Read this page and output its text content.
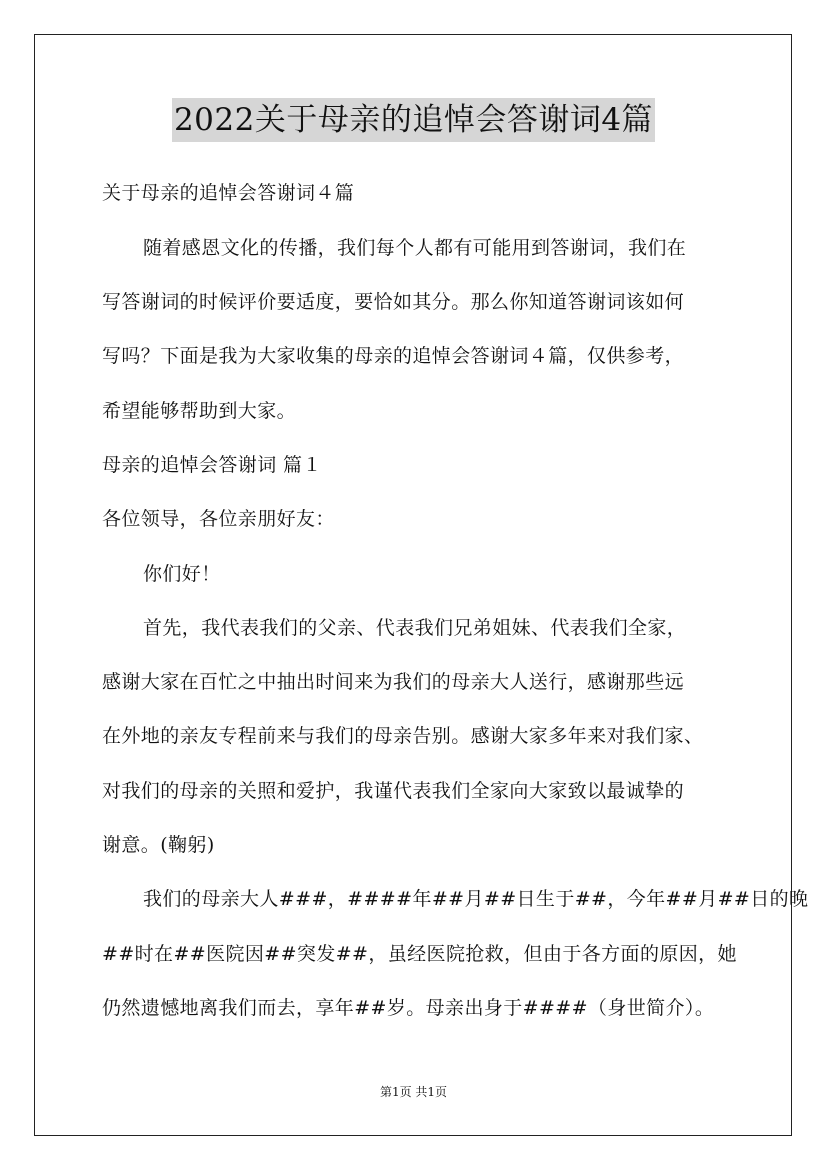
2022关于母亲的追悼会答谢词4篇
关于母亲的追悼会答谢词４篇
随着感恩文化的传播，我们每个人都有可能用到答谢词，我们在
写答谢词的时候评价要适度，要恰如其分。那么你知道答谢词该如何
写吗？下面是我为大家收集的母亲的追悼会答谢词４篇，仅供参考，
希望能够帮助到大家。
母亲的追悼会答谢词 篇１
各位领导，各位亲朋好友：
你们好！
首先，我代表我们的父亲、代表我们兄弟姐妹、代表我们全家，
感谢大家在百忙之中抽出时间来为我们的母亲大人送行，感谢那些远
在外地的亲友专程前来与我们的母亲告别。感谢大家多年来对我们家、
对我们的母亲的关照和爱护，我谨代表我们全家向大家致以最诚挚的
谢意。(鞠躬)
我们的母亲大人###，####年##月##日生于##，今年##月##日的晚
##时在##医院因##突发##，虽经医院抢救，但由于各方面的原因，她
仍然遗憾地离我们而去，享年##岁。母亲出身于####（身世简介）。
第1页 共1页
